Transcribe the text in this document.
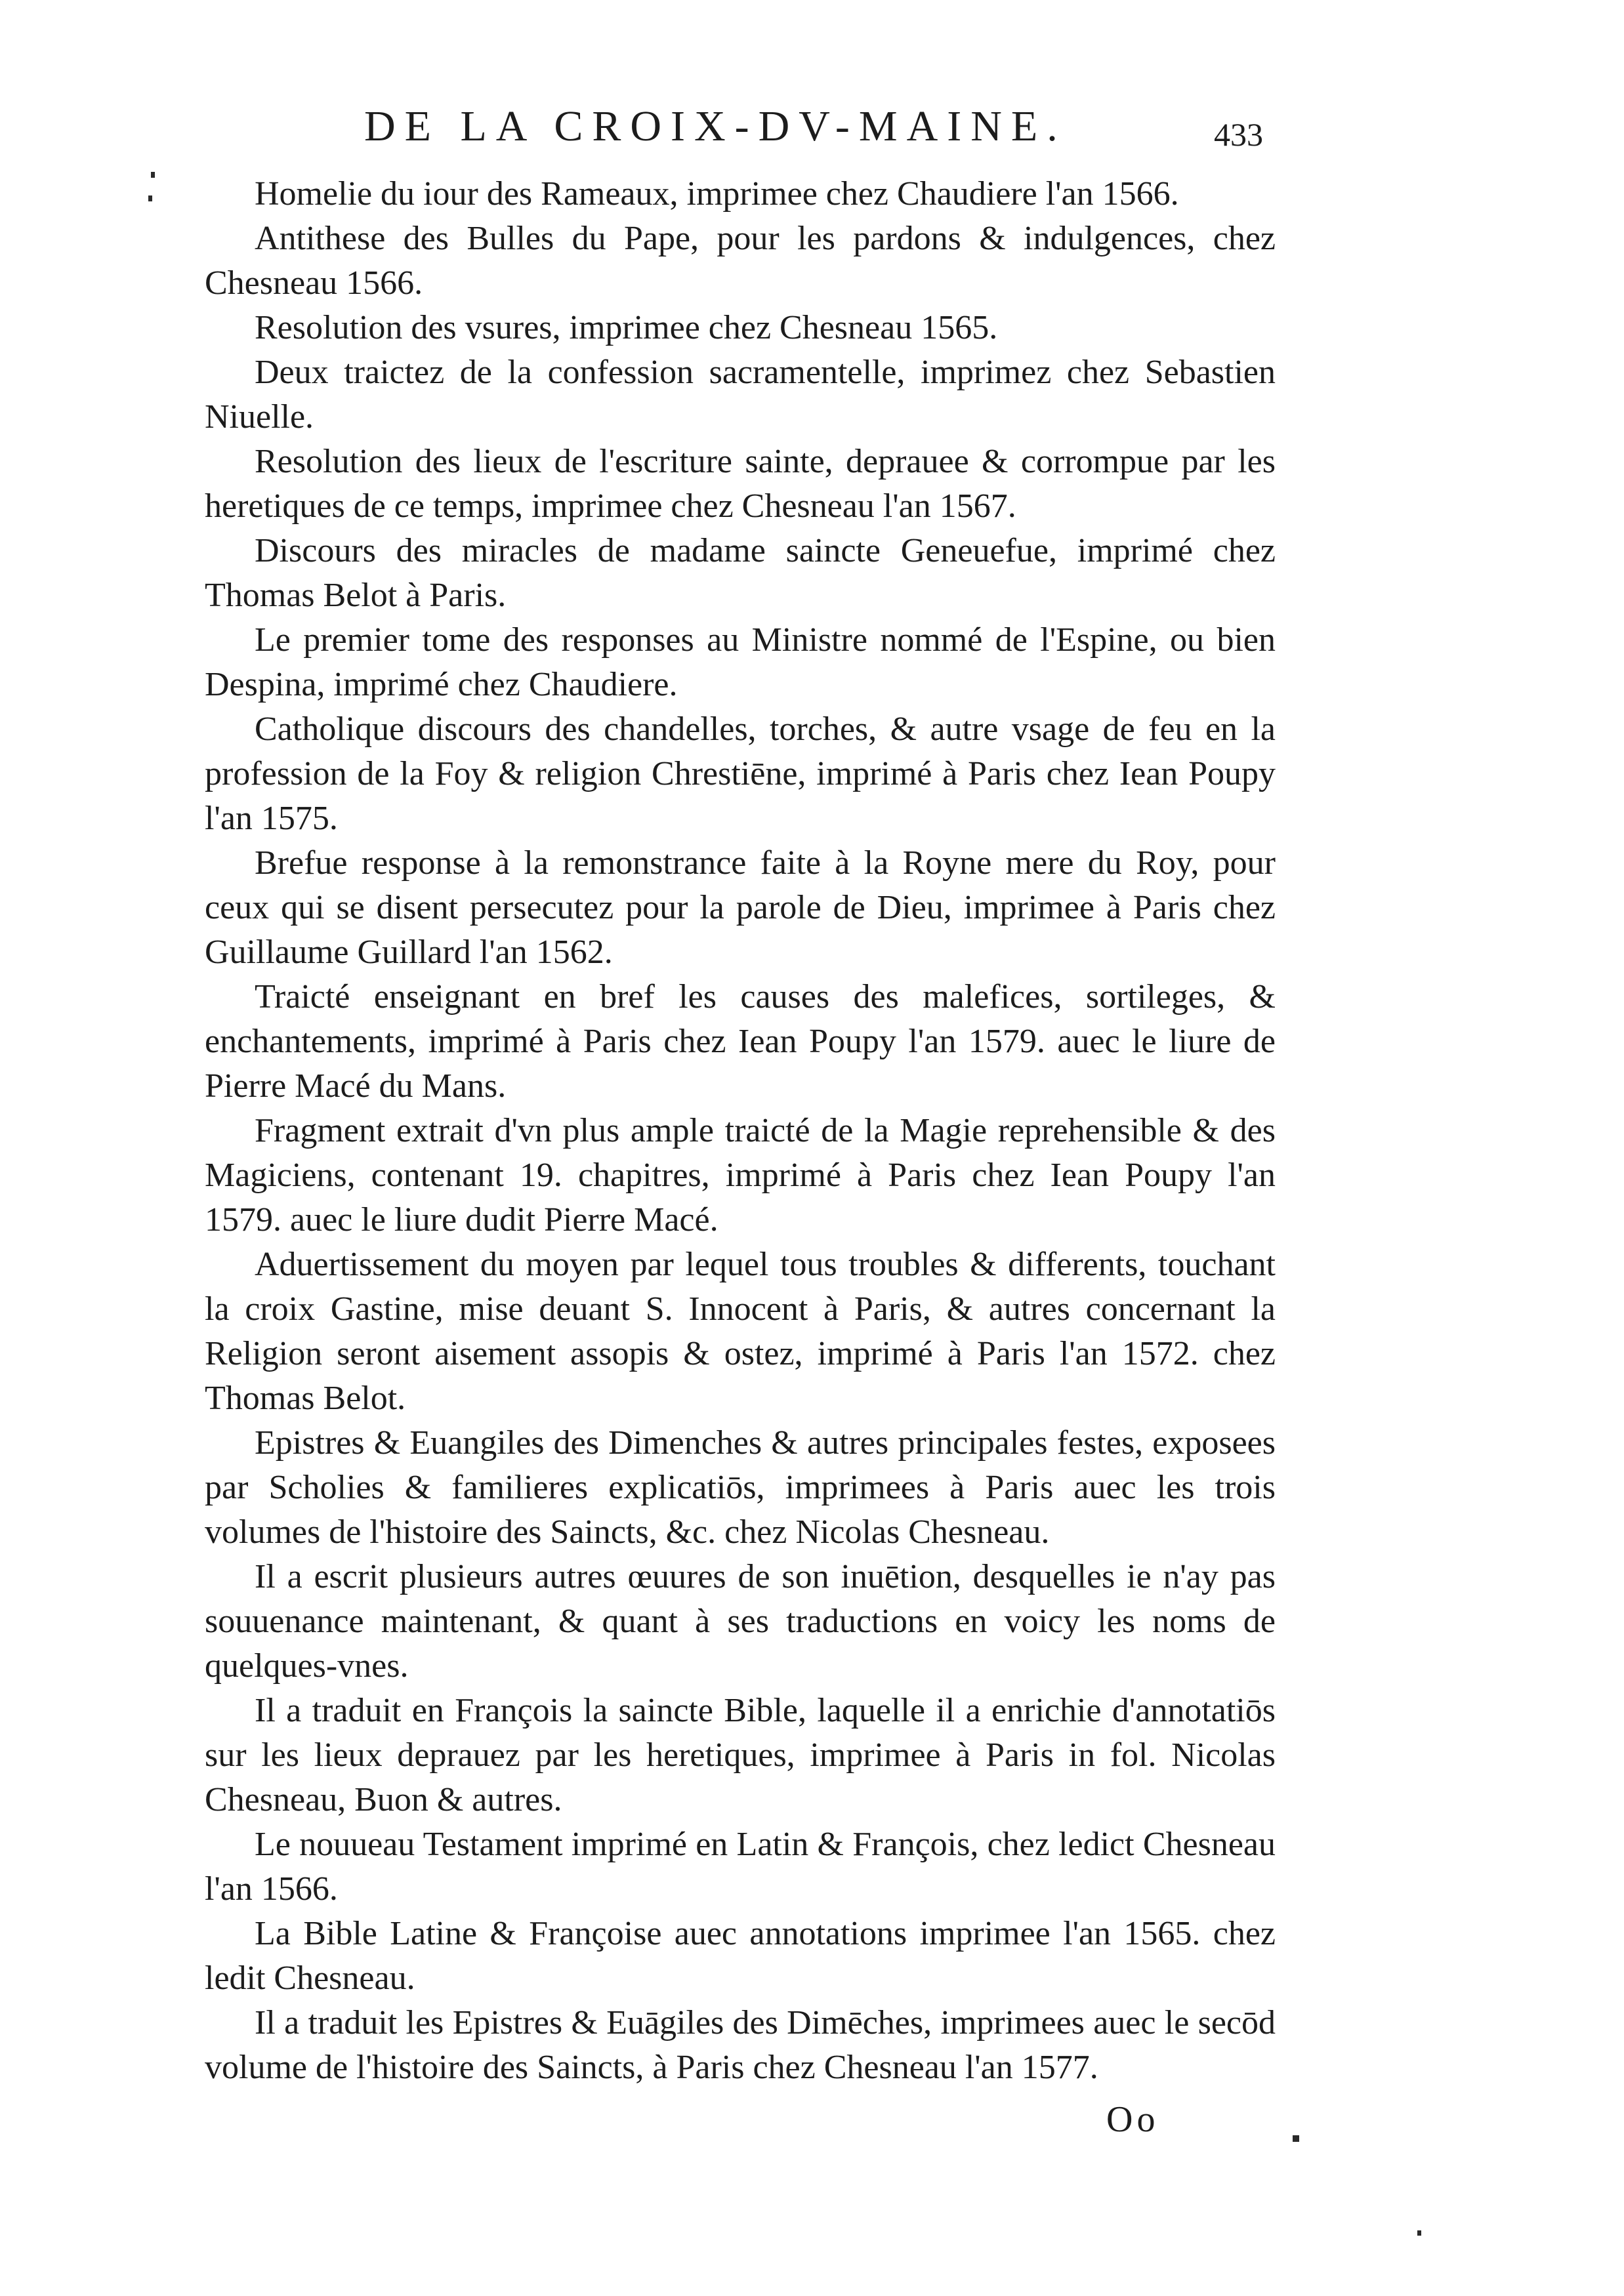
DE LA CROIX-DV-MAINE.	433

Homelie du iour des Rameaux, imprimee chez Chaudiere l'an 1566.

Antithese des Bulles du Pape, pour les pardons & indulgences, chez Chesneau 1566.

Resolution des vsures, imprimee chez Chesneau 1565.

Deux traictez de la confession sacramentelle, imprimez chez Sebastien Niuelle.

Resolution des lieux de l'escriture sainte, deprauee & corrompue par les heretiques de ce temps, imprimee chez Chesneau l'an 1567.

Discours des miracles de madame saincte Geneuefue, imprimé chez Thomas Belot à Paris.

Le premier tome des responses au Ministre nommé de l'Espine, ou bien Despina, imprimé chez Chaudiere.

Catholique discours des chandelles, torches, & autre vsage de feu en la profession de la Foy & religion Chrestiēne, imprimé à Paris chez Iean Poupy l'an 1575.

Brefue response à la remonstrance faite à la Royne mere du Roy, pour ceux qui se disent persecutez pour la parole de Dieu, imprimee à Paris chez Guillaume Guillard l'an 1562.

Traicté enseignant en bref les causes des malefices, sortileges, & enchantements, imprimé à Paris chez Iean Poupy l'an 1579. auec le liure de Pierre Macé du Mans.

Fragment extrait d'vn plus ample traicté de la Magie reprehensible & des Magiciens, contenant 19. chapitres, imprimé à Paris chez Iean Poupy l'an 1579. auec le liure dudit Pierre Macé.

Aduertissement du moyen par lequel tous troubles & differents, touchant la croix Gastine, mise deuant S. Innocent à Paris, & autres concernant la Religion seront aisement assopis & ostez, imprimé à Paris l'an 1572. chez Thomas Belot.

Epistres & Euangiles des Dimenches & autres principales festes, exposees par Scholies & familieres explicatiōs, imprimees à Paris auec les trois volumes de l'histoire des Saincts, &c. chez Nicolas Chesneau.

Il a escrit plusieurs autres œuures de son inuētion, desquelles ie n'ay pas souuenance maintenant, & quant à ses traductions en voicy les noms de quelques-vnes.

Il a traduit en François la saincte Bible, laquelle il a enrichie d'annotatiōs sur les lieux deprauez par les heretiques, imprimee à Paris in fol. Nicolas Chesneau, Buon & autres.

Le nouueau Testament imprimé en Latin & François, chez ledict Chesneau l'an 1566.

La Bible Latine & Françoise auec annotations imprimee l'an 1565. chez ledit Chesneau.

Il a traduit les Epistres & Euāgiles des Dimēches, imprimees auec le secōd volume de l'histoire des Saincts, à Paris chez Chesneau l'an 1577.

Oo
